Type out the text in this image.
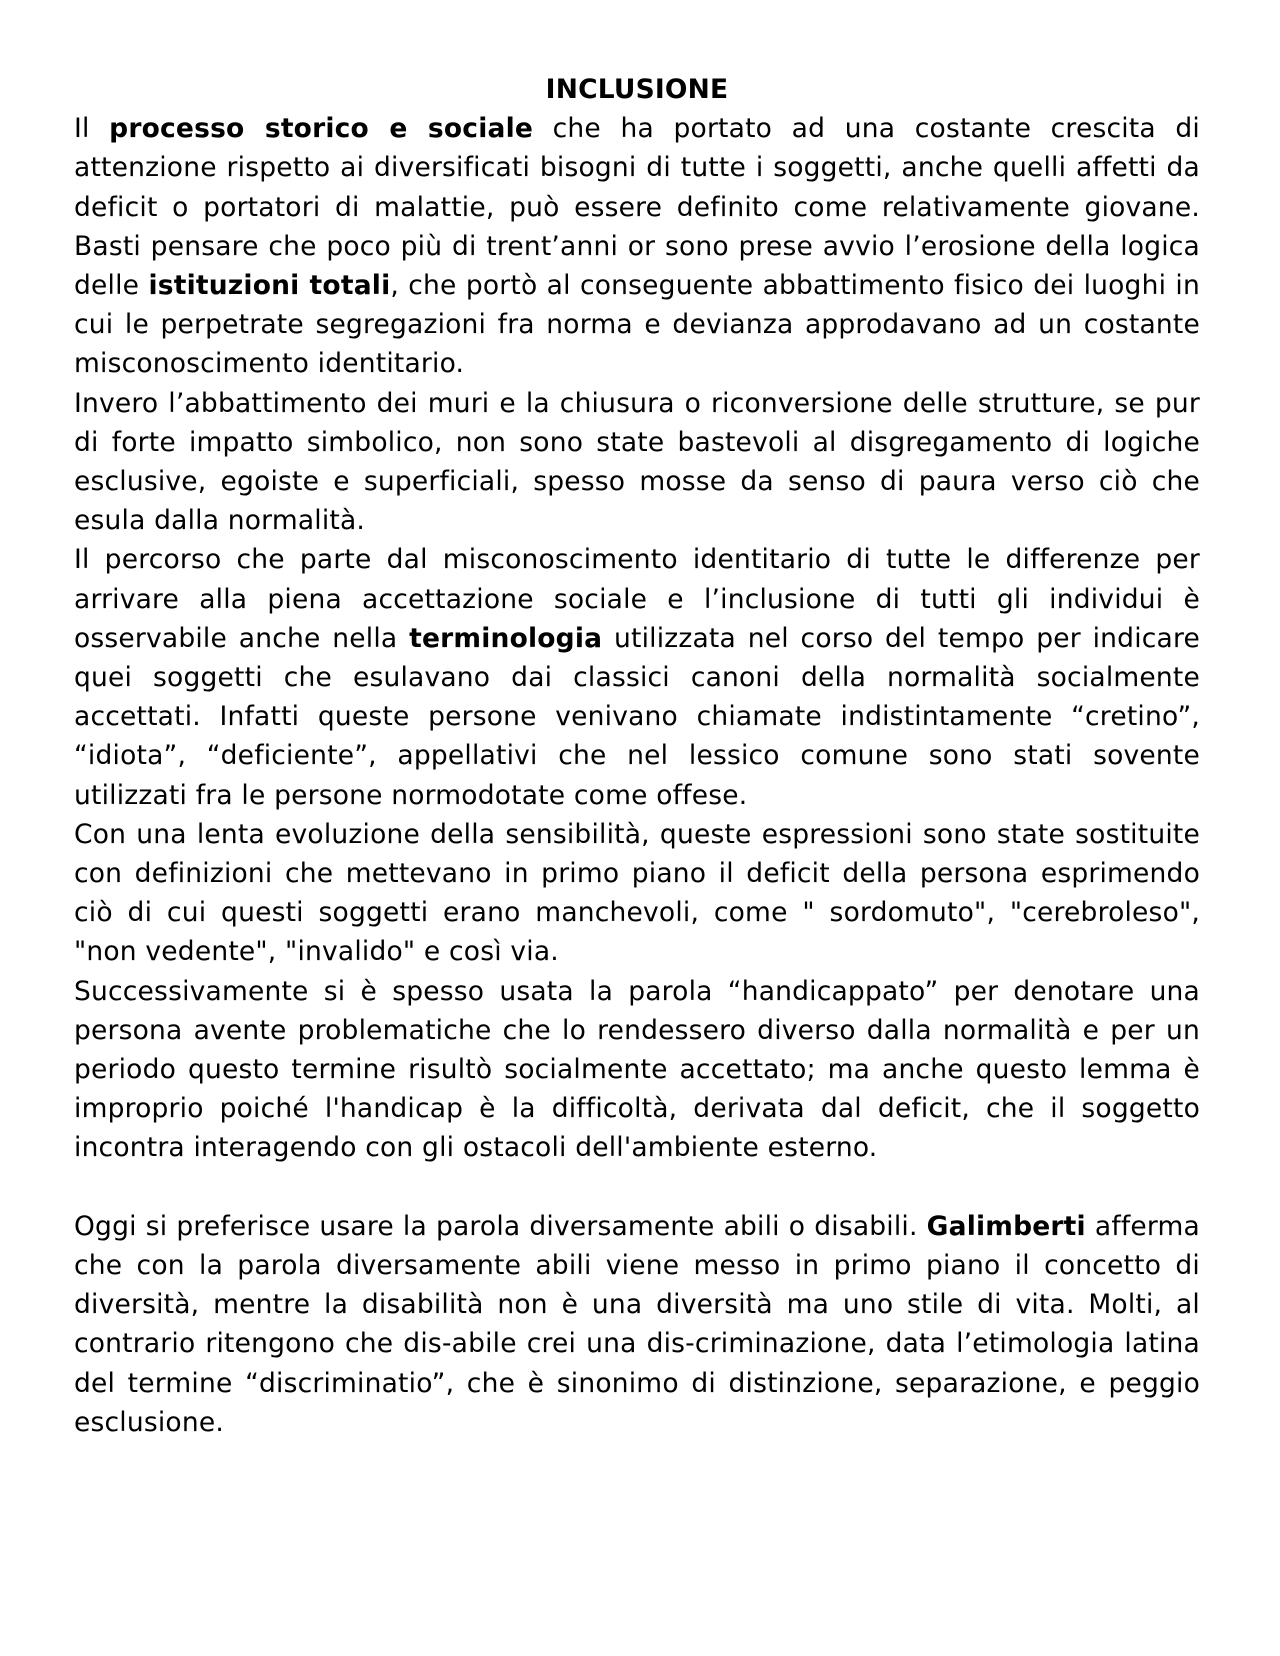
INCLUSIONE

Il processo storico e sociale che ha portato ad una costante crescita di attenzione rispetto ai diversificati bisogni di tutte i soggetti, anche quelli affetti da deficit o portatori di malattie, può essere definito come relativamente giovane. Basti pensare che poco più di trent’anni or sono prese avvio l’erosione della logica delle istituzioni totali, che portò al conseguente abbattimento fisico dei luoghi in cui le perpetrate segregazioni fra norma e devianza approdavano ad un costante misconoscimento identitario.

Invero l’abbattimento dei muri e la chiusura o riconversione delle strutture, se pur di forte impatto simbolico, non sono state bastevoli al disgregamento di logiche esclusive, egoiste e superficiali, spesso mosse da senso di paura verso ciò che esula dalla normalità.

Il percorso che parte dal misconoscimento identitario di tutte le differenze per arrivare alla piena accettazione sociale e l’inclusione di tutti gli individui è osservabile anche nella terminologia utilizzata nel corso del tempo per indicare quei soggetti che esulavano dai classici canoni della normalità socialmente accettati. Infatti queste persone venivano chiamate indistintamente “cretino”, “idiota”, “deficiente”, appellativi che nel lessico comune sono stati sovente utilizzati fra le persone normodotate come offese.

Con una lenta evoluzione della sensibilità, queste espressioni sono state sostituite con definizioni che mettevano in primo piano il deficit della persona esprimendo ciò di cui questi soggetti erano manchevoli, come " sordomuto", "cerebroleso", "non vedente", "invalido" e così via.

Successivamente si è spesso usata la parola “handicappato” per denotare una persona avente problematiche che lo rendessero diverso dalla normalità e per un periodo questo termine risultò socialmente accettato; ma anche questo lemma è improprio poiché l'handicap è la difficoltà, derivata dal deficit, che il soggetto incontra interagendo con gli ostacoli dell'ambiente esterno.

Oggi si preferisce usare la parola diversamente abili o disabili. Galimberti afferma che con la parola diversamente abili viene messo in primo piano il concetto di diversità, mentre la disabilità non è una diversità ma uno stile di vita. Molti, al contrario ritengono che dis-abile crei una dis-criminazione, data l’etimologia latina del termine “discriminatio”, che è sinonimo di distinzione, separazione, e peggio esclusione.
